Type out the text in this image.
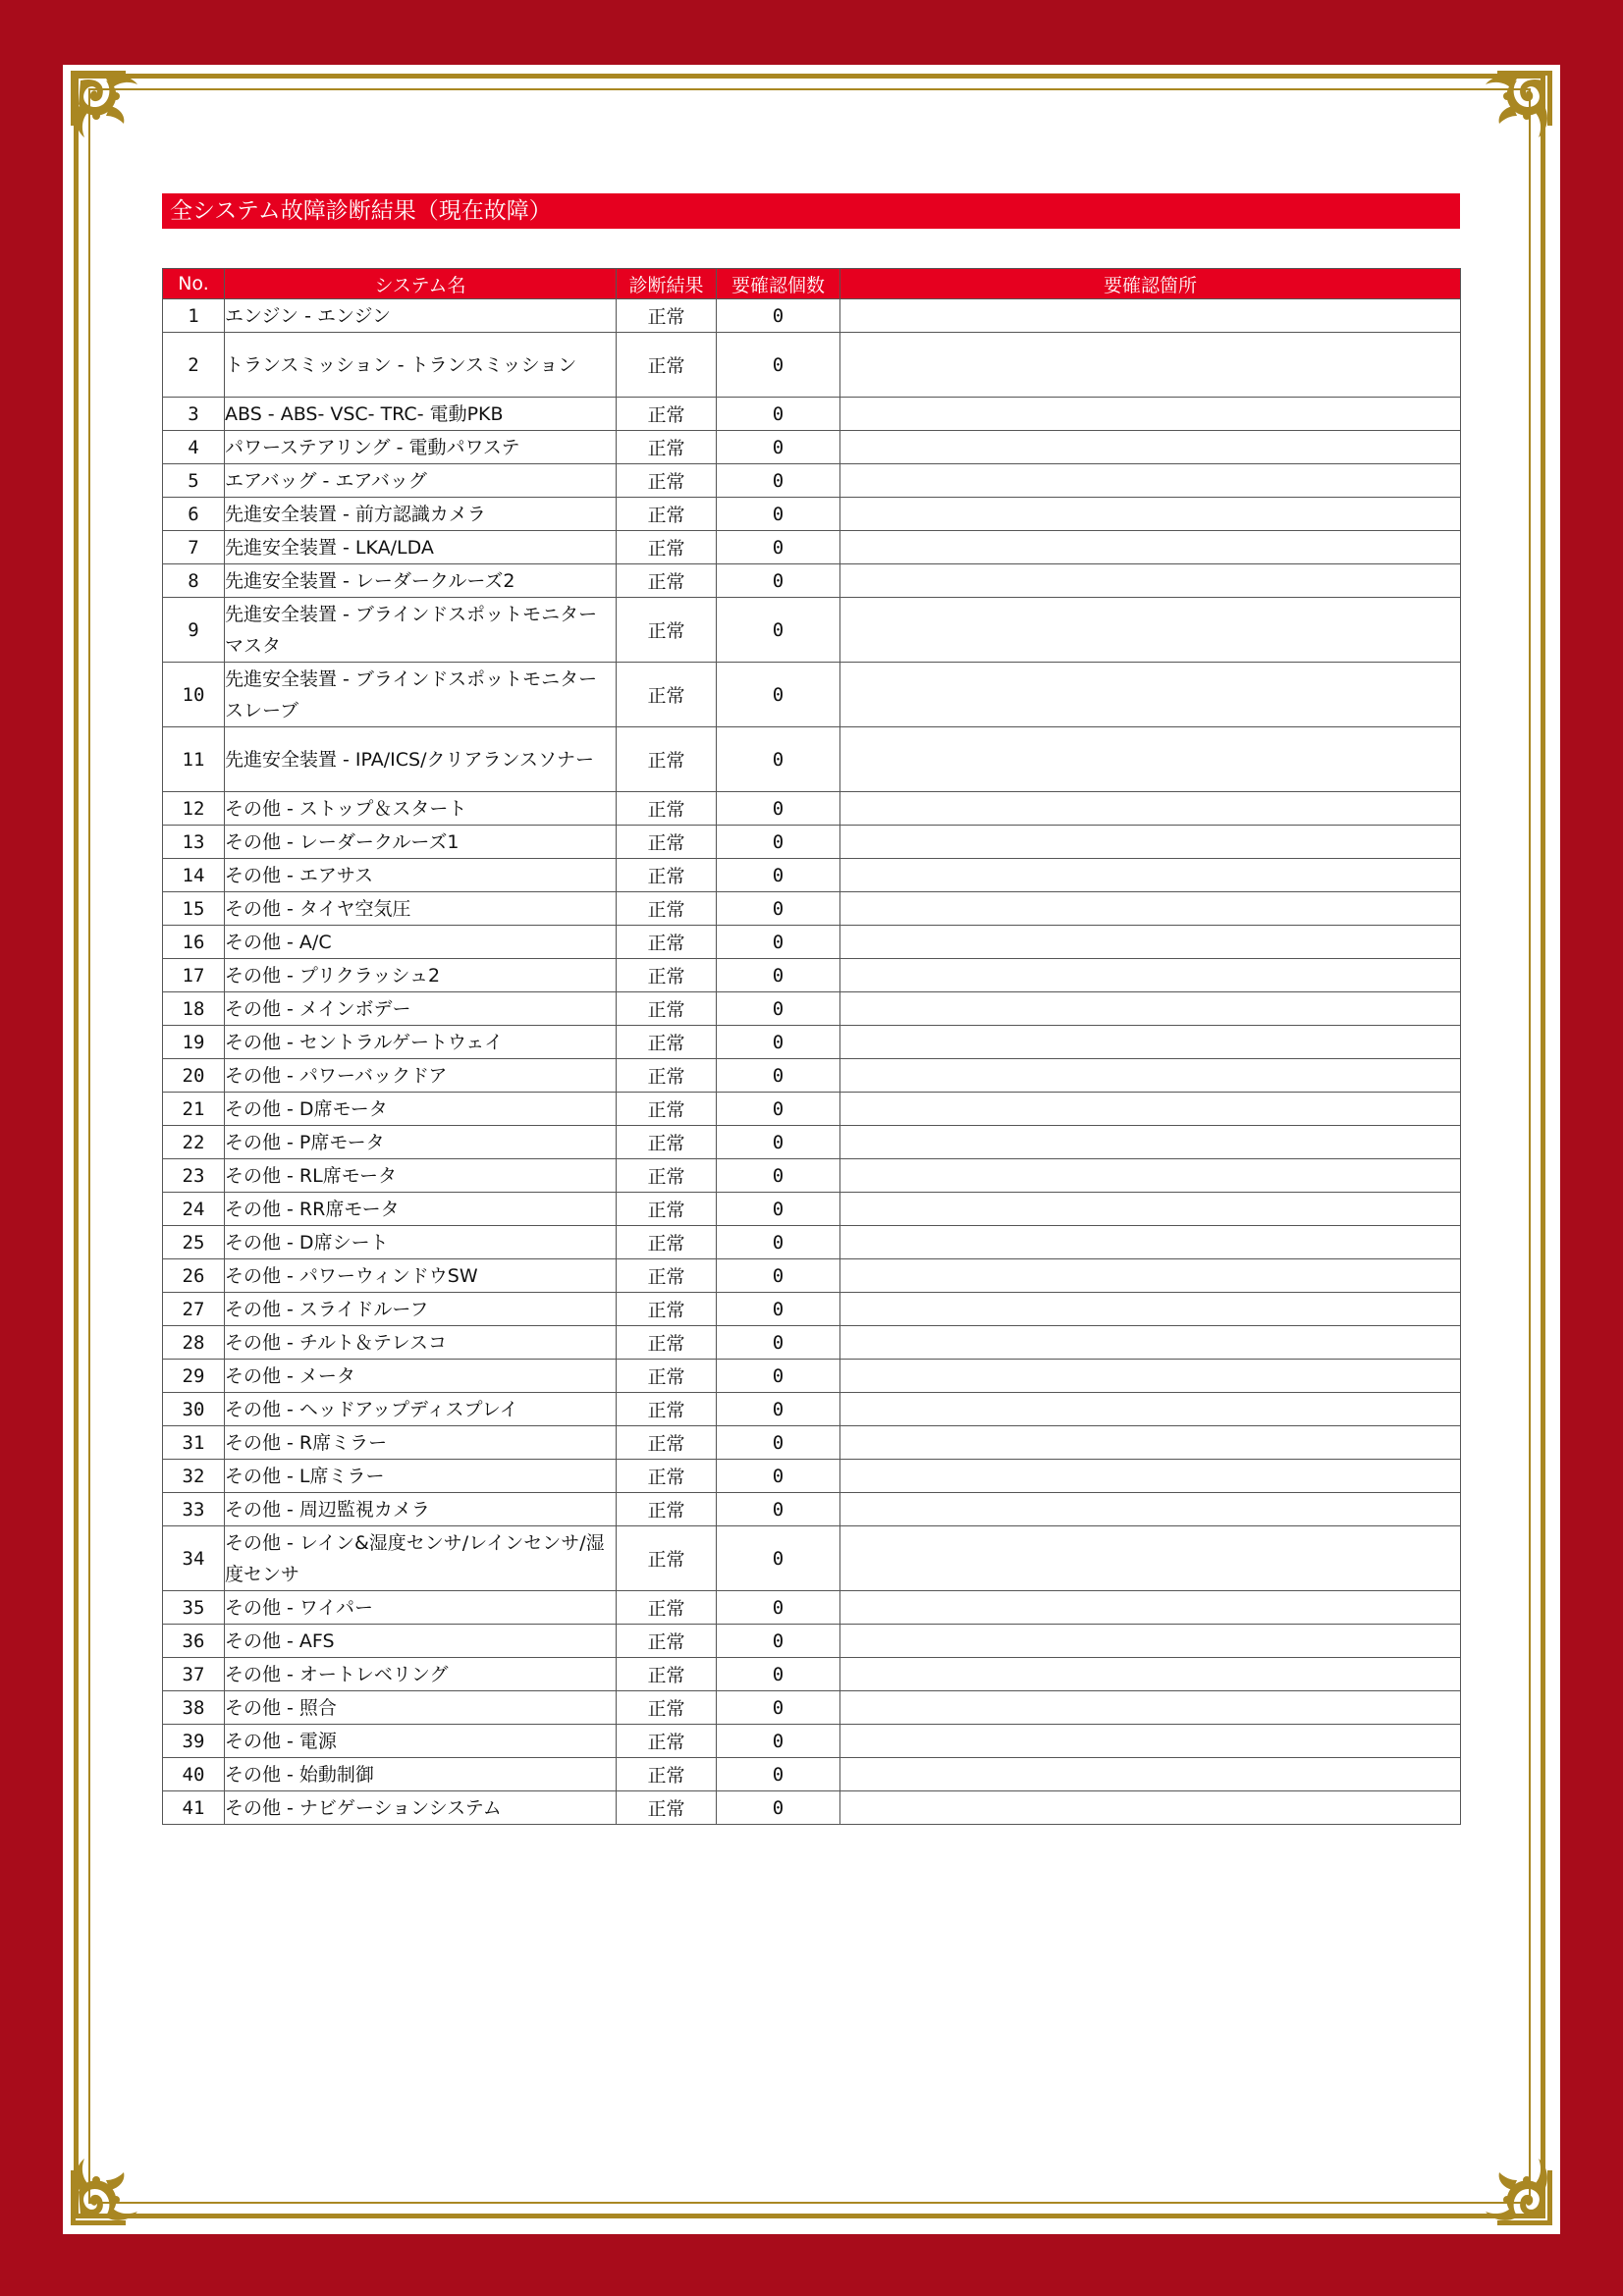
全システム故障診断結果（現在故障）
No.	システム名	診断結果	要確認個数	要確認箇所
1	エンジン - エンジン	正常	0	
2	トランスミッション - トランスミッション	正常	0	
3	ABS - ABS- VSC- TRC- 電動PKB	正常	0	
4	パワーステアリング - 電動パワステ	正常	0	
5	エアバッグ - エアバッグ	正常	0	
6	先進安全装置 - 前方認識カメラ	正常	0	
7	先進安全装置 - LKA/LDA	正常	0	
8	先進安全装置 - レーダークルーズ2	正常	0	
9	先進安全装置 - ブラインドスポットモニター マスタ	正常	0	
10	先進安全装置 - ブラインドスポットモニター スレーブ	正常	0	
11	先進安全装置 - IPA/ICS/クリアランスソナー	正常	0	
12	その他 - ストップ＆スタート	正常	0	
13	その他 - レーダークルーズ1	正常	0	
14	その他 - エアサス	正常	0	
15	その他 - タイヤ空気圧	正常	0	
16	その他 - A/C	正常	0	
17	その他 - プリクラッシュ2	正常	0	
18	その他 - メインボデー	正常	0	
19	その他 - セントラルゲートウェイ	正常	0	
20	その他 - パワーバックドア	正常	0	
21	その他 - D席モータ	正常	0	
22	その他 - P席モータ	正常	0	
23	その他 - RL席モータ	正常	0	
24	その他 - RR席モータ	正常	0	
25	その他 - D席シート	正常	0	
26	その他 - パワーウィンドウSW	正常	0	
27	その他 - スライドルーフ	正常	0	
28	その他 - チルト＆テレスコ	正常	0	
29	その他 - メータ	正常	0	
30	その他 - ヘッドアップディスプレイ	正常	0	
31	その他 - R席ミラー	正常	0	
32	その他 - L席ミラー	正常	0	
33	その他 - 周辺監視カメラ	正常	0	
34	その他 - レイン&湿度センサ/レインセンサ/湿度センサ	正常	0	
35	その他 - ワイパー	正常	0	
36	その他 - AFS	正常	0	
37	その他 - オートレベリング	正常	0	
38	その他 - 照合	正常	0	
39	その他 - 電源	正常	0	
40	その他 - 始動制御	正常	0	
41	その他 - ナビゲーションシステム	正常	0	
